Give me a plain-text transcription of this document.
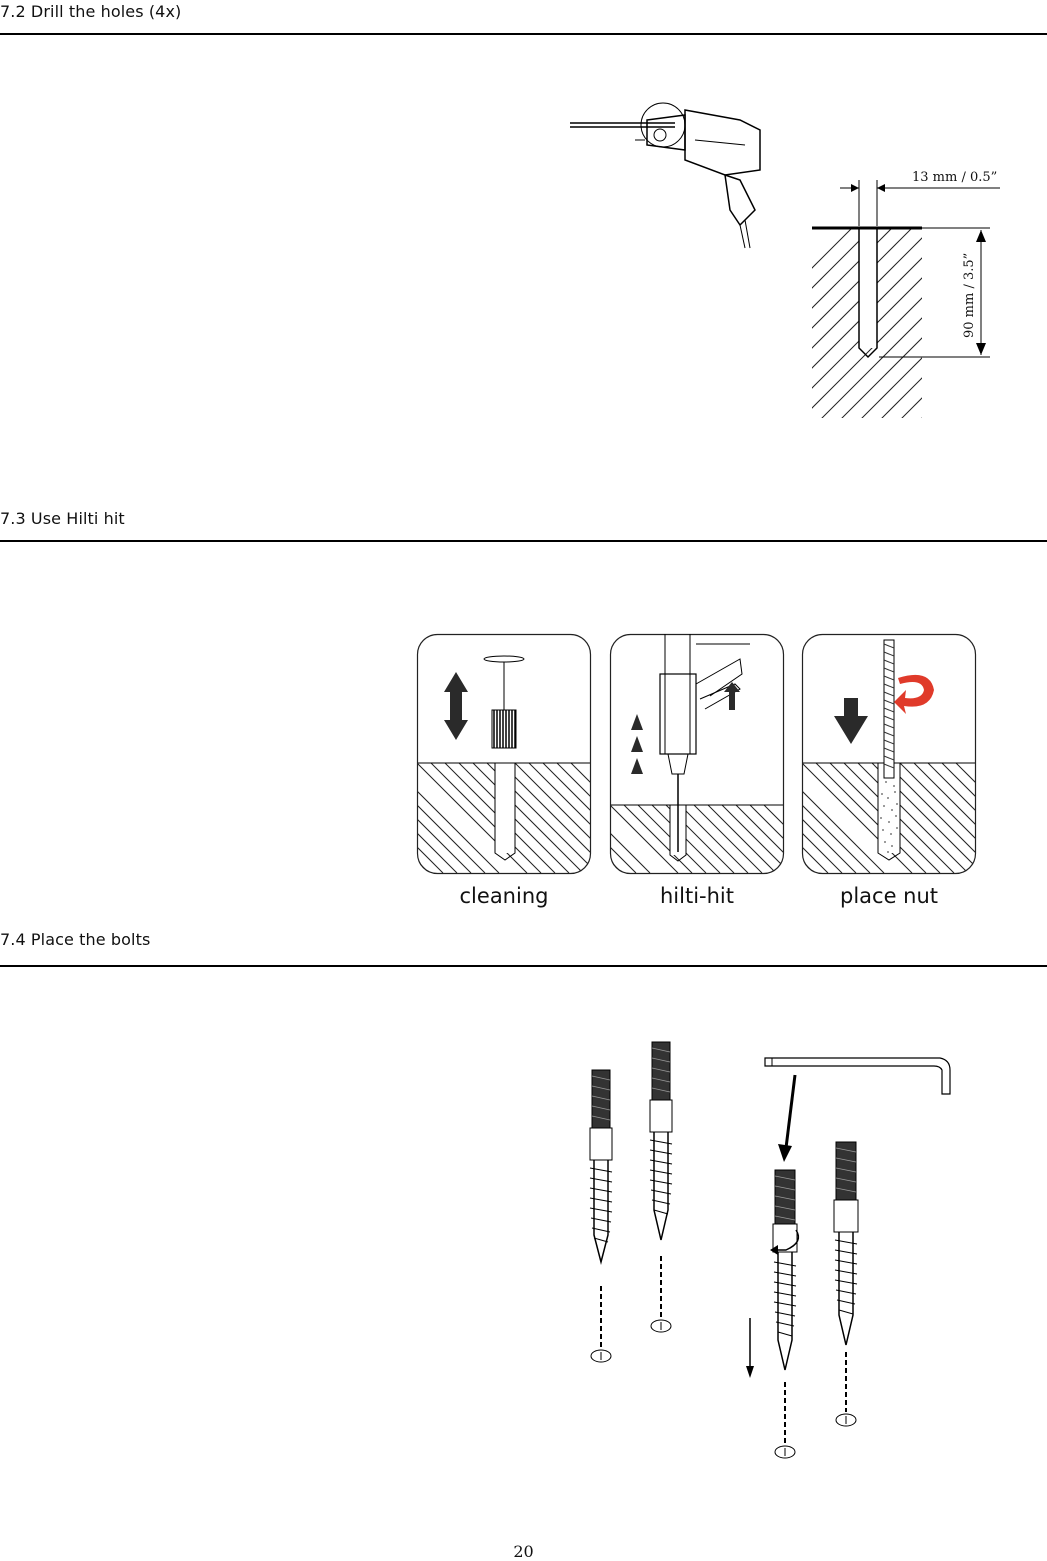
7.2 Drill the holes (4x)
13 mm / 0.5”
90 mm / 3.5”
7.3 Use Hilti hit
cleaning	hilti-hit	place nut
7.4 Place the bolts
20
